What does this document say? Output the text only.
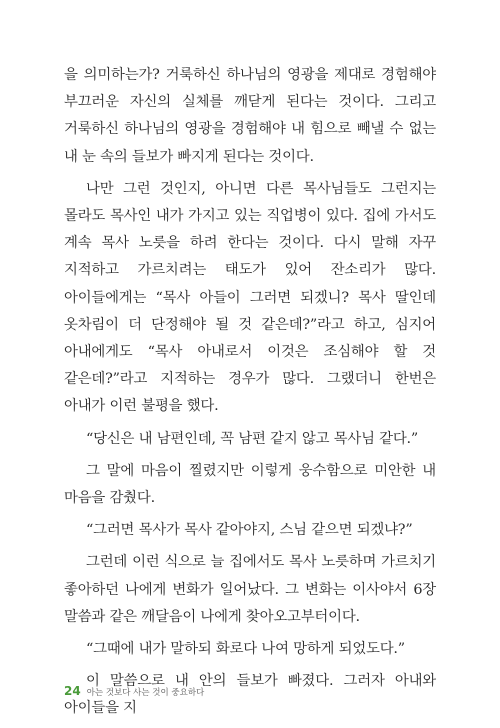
을 의미하는가? 거룩하신 하나님의 영광을 제대로 경험해야 부끄러운 자신의 실체를 깨닫게 된다는 것이다. 그리고 거룩하신 하나님의 영광을 경험해야 내 힘으로 빼낼 수 없는 내 눈 속의 들보가 빠지게 된다는 것이다.

나만 그런 것인지, 아니면 다른 목사님들도 그런지는 몰라도 목사인 내가 가지고 있는 직업병이 있다. 집에 가서도 계속 목사 노릇을 하려 한다는 것이다. 다시 말해 자꾸 지적하고 가르치려는 태도가 있어 잔소리가 많다. 아이들에게는 “목사 아들이 그러면 되겠니? 목사 딸인데 옷차림이 더 단정해야 될 것 같은데?”라고 하고, 심지어 아내에게도 “목사 아내로서 이것은 조심해야 할 것 같은데?”라고 지적하는 경우가 많다. 그랬더니 한번은 아내가 이런 불평을 했다.

“당신은 내 남편인데, 꼭 남편 같지 않고 목사님 같다.”

그 말에 마음이 찔렸지만 이렇게 웅수함으로 미안한 내 마음을 감췄다.

“그러면 목사가 목사 같아야지, 스님 같으면 되겠냐?”

그런데 이런 식으로 늘 집에서도 목사 노릇하며 가르치기 좋아하던 나에게 변화가 일어났다. 그 변화는 이사야서 6장 말씀과 같은 깨달음이 나에게 찾아오고부터이다.

“그때에 내가 말하되 화로다 나여 망하게 되었도다.”

이 말씀으로 내 안의 들보가 빠졌다. 그러자 아내와 아이들을 지

24 아는 것보다 사는 것이 중요하다
